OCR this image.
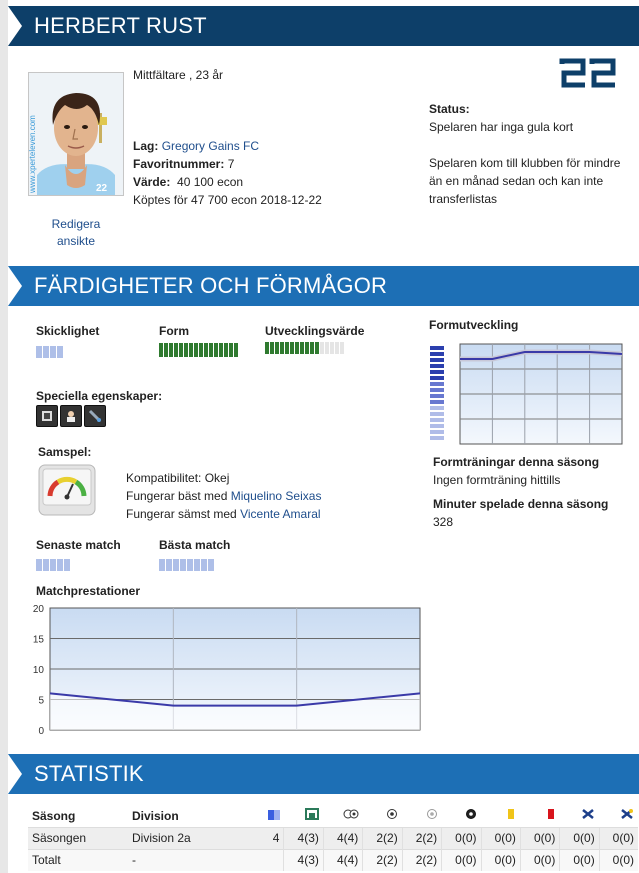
HERBERT RUST
www.xperteleven.com	22
Redigera ansikte
Mittfältare , 23 år
Lag: Gregory Gains FC
Favoritnummer: 7
Värde: 40 100 econ
Köptes för 47 700 econ 2018-12-22
Status:
Spelaren har inga gula kort
Spelaren kom till klubben för mindre än en månad sedan och kan inte transferlistas
FÄRDIGHETER OCH FÖRMÅGOR
Skicklighet	Form	Utvecklingsvärde
Speciella egenskaper:
Samspel:
Kompatibilitet: Okej
Fungerar bäst med Miquelino Seixas
Fungerar sämst med Vicente Amaral
Senaste match	Bästa match
Matchprestationer
0
5
10
15
20
Formutveckling
Formträningar denna säsong
Ingen formträning hittills
Minuter spelade denna säsong
328
STATISTIK
Säsong	Division										
Säsongen	Division 2a	4	4(3)	4(4)	2(2)	2(2)	0(0)	0(0)	0(0)	0(0)	0(0)
Totalt	-		4(3)	4(4)	2(2)	2(2)	0(0)	0(0)	0(0)	0(0)	0(0)
